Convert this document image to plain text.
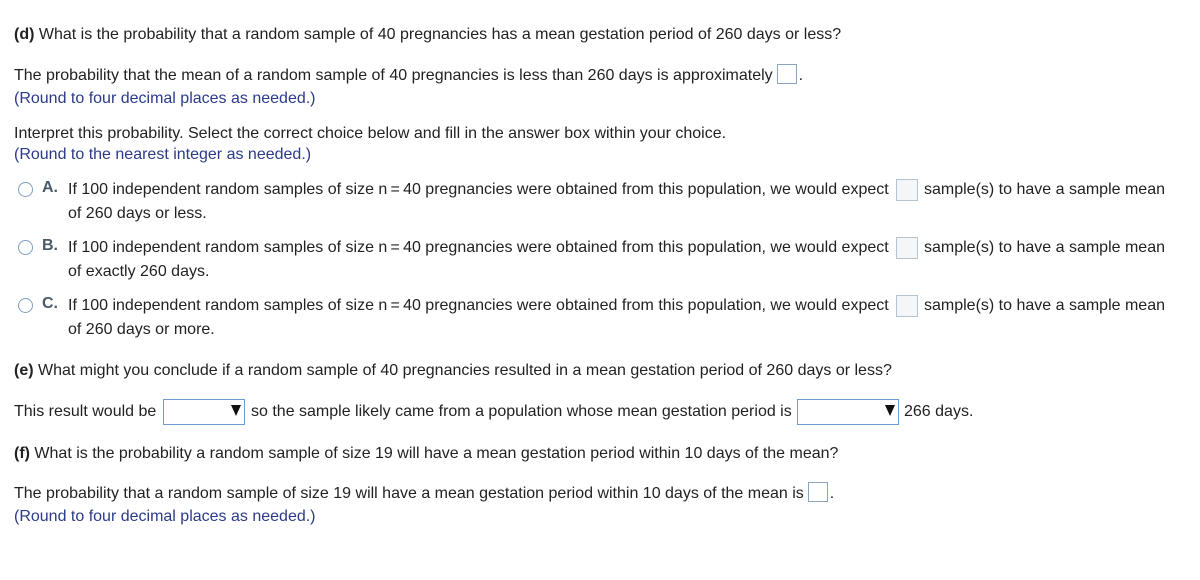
(d) What is the probability that a random sample of 40 pregnancies has a mean gestation period of 260 days or less?
The probability that the mean of a random sample of 40 pregnancies is less than 260 days is approximately .
(Round to four decimal places as needed.)
Interpret this probability. Select the correct choice below and fill in the answer box within your choice.
(Round to the nearest integer as needed.)
A. If 100 independent random samples of size n = 40 pregnancies were obtained from this population, we would expect sample(s) to have a sample mean
of 260 days or less.
B. If 100 independent random samples of size n = 40 pregnancies were obtained from this population, we would expect sample(s) to have a sample mean
of exactly 260 days.
C. If 100 independent random samples of size n = 40 pregnancies were obtained from this population, we would expect sample(s) to have a sample mean
of 260 days or more.
(e) What might you conclude if a random sample of 40 pregnancies resulted in a mean gestation period of 260 days or less?
This result would be	so the sample likely came from a population whose mean gestation period is	266 days.
(f) What is the probability a random sample of size 19 will have a mean gestation period within 10 days of the mean?
The probability that a random sample of size 19 will have a mean gestation period within 10 days of the mean is .
(Round to four decimal places as needed.)
